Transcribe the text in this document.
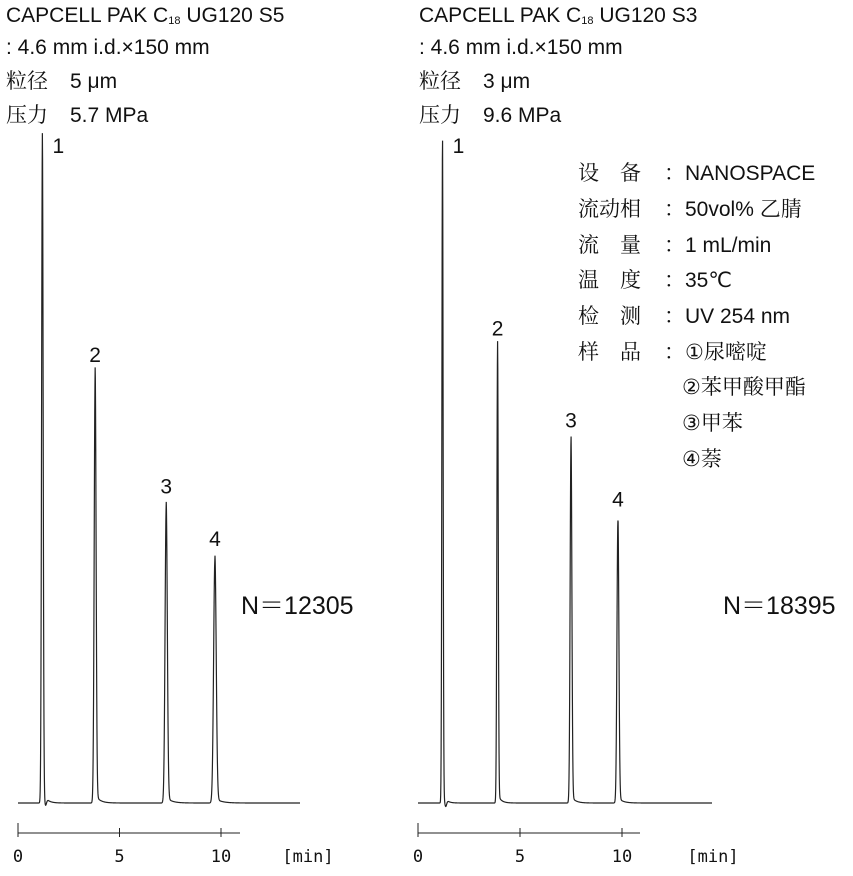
CAPCELL PAK $C_{18}$ UG120 S5
: 4.6 mm i.d.×150 mm
粒径 5 μm
压力 5.7 MPa
CAPCELL PAK $C_{18}$ UG120 S3
: 4.6 mm i.d.×150 mm
粒径 3 μm
压力 9.6 MPa
设　备 ：NANOSPACE
流动相 ：50vol% 乙腈
流　量 ：1 mL/min
温　度 ：35℃
检　测 ：UV 254 nm
样　品 ：①尿嘧啶
②苯甲酸甲酯
③甲苯
④萘
N＝12305	N＝18395
1
2
3
4
0	5	10	[min]
1
2
3
4
0	5	10	[min]
